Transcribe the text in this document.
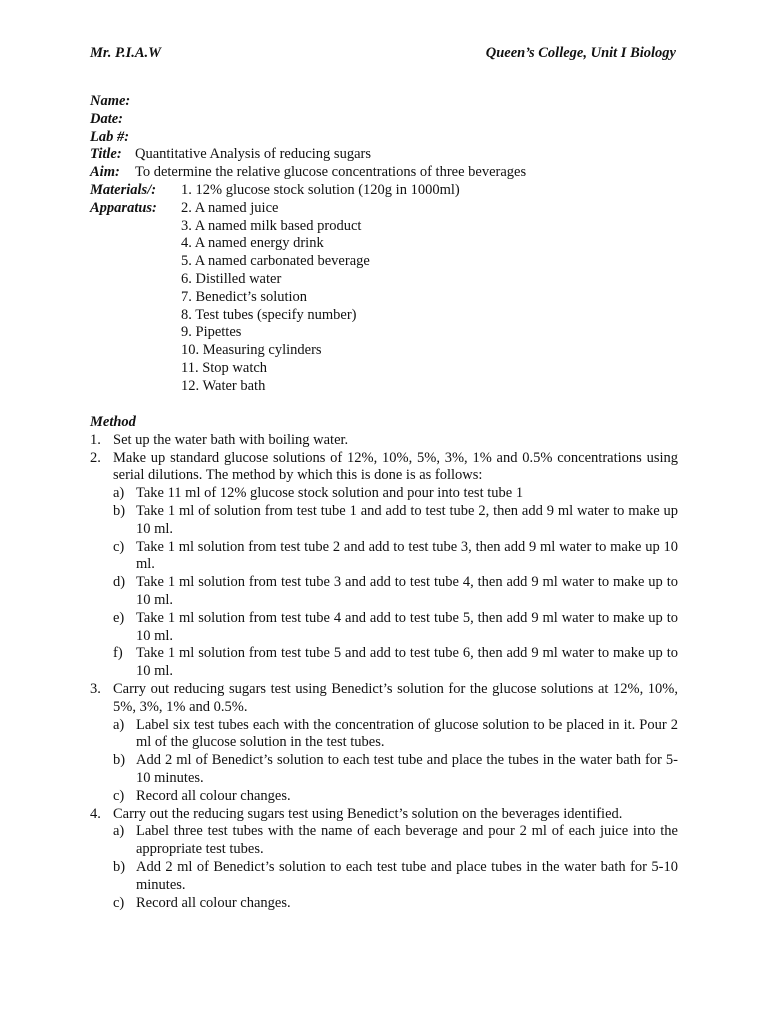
Mr. P.I.A.W	Queen’s College, Unit I Biology
Name:
Date:
Lab #:
Title: Quantitative Analysis of reducing sugars
Aim:	To determine the relative glucose concentrations of three beverages
Materials/:
Apparatus:
1. 12% glucose stock solution (120g in 1000ml)
2. A named juice
3. A named milk based product
4. A named energy drink
5. A named carbonated beverage
6. Distilled water
7. Benedict’s solution
8. Test tubes (specify number)
9. Pipettes
10. Measuring cylinders
11. Stop watch
12. Water bath
Method
1. Set up the water bath with boiling water.
2. Make up standard glucose solutions of 12%, 10%, 5%, 3%, 1% and 0.5% concentrations using serial dilutions. The method by which this is done is as follows:
a) Take 11 ml of 12% glucose stock solution and pour into test tube 1
b) Take 1 ml of solution from test tube 1 and add to test tube 2, then add 9 ml water to make up 10 ml.
c) Take 1 ml solution from test tube 2 and add to test tube 3, then add 9 ml water to make up 10 ml.
d) Take 1 ml solution from test tube 3 and add to test tube 4, then add 9 ml water to make up to 10 ml.
e) Take 1 ml solution from test tube 4 and add to test tube 5, then add 9 ml water to make up to 10 ml.
f) Take 1 ml solution from test tube 5 and add to test tube 6, then add 9 ml water to make up to 10 ml.
3. Carry out reducing sugars test using Benedict’s solution for the glucose solutions at 12%, 10%, 5%, 3%, 1% and 0.5%.
a) Label six test tubes each with the concentration of glucose solution to be placed in it. Pour 2 ml of the glucose solution in the test tubes.
b) Add 2 ml of Benedict’s solution to each test tube and place the tubes in the water bath for 5-10 minutes.
c) Record all colour changes.
4. Carry out the reducing sugars test using Benedict’s solution on the beverages identified.
a) Label three test tubes with the name of each beverage and pour 2 ml of each juice into the appropriate test tubes.
b) Add 2 ml of Benedict’s solution to each test tube and place tubes in the water bath for 5-10 minutes.
c) Record all colour changes.
